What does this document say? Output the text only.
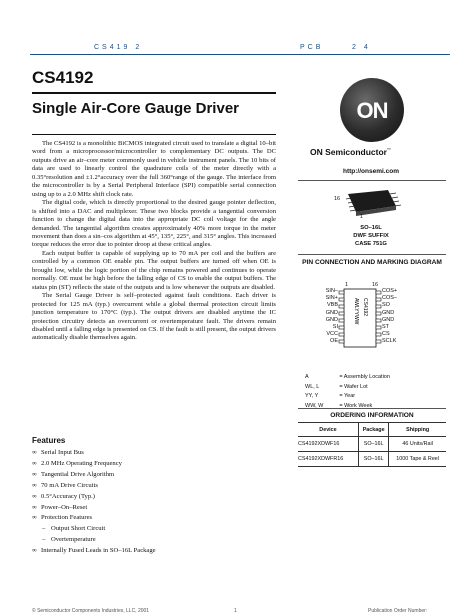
CS419 2	PCB	2 4
CS4192
Single Air-Core Gauge Driver

The CS4192 is a monolithic BiCMOS integrated circuit used to translate a digital 10–bit word from a microprocessor/microcontroller to complementary DC outputs. The DC outputs drive an air–core meter commonly used in vehicle instrument panels. The 10 bits of data are used to linearly control the quadrature coils of the meter directly with a 0.35°resolution and ±1.2°accuracy over the full 360°range of the gauge. The interface from the microcontroller is by a Serial Peripheral Interface (SPI) compatible serial connection using up to a 2.0 MHz shift clock rate.

The digital code, which is directly proportional to the desired gauge pointer deflection, is shifted into a DAC and multiplexer. These two blocks provide a tangential conversion function to change the digital data into the appropriate DC coil voltage for the angle demanded. The tangential algorithm creates approximately 40% more torque in the meter movement than does a sin–cos algorithm at 45°, 135°, 225°, and 315° angles. This increased torque reduces the error due to pointer droop at these critical angles.

Each output buffer is capable of supplying up to 70 mA per coil and the buffers are controlled by a common OE enable pin. The output buffers are turned off when OE is brought low, while the logic portion of the chip remains powered and continues to operate normally. OE must be high before the falling edge of CS to enable the output buffers. The status pin (ST) reflects the state of the outputs and is low whenever the outputs are disabled.

The Serial Gauge Driver is self–protected against fault conditions. Each driver is protected for 125 mA (typ.) overcurrent while a global thermal protection circuit limits junction temperature to 170°C (typ.). The output drivers are disabled anytime the IC protection circuitry detects an overcurrent or overtemperature fault. The drivers remain disabled until a falling edge is presented on CS. If the fault is still present, the output drivers automatically disable themselves again.

Features
∞ Serial Input Bus
∞ 2.0 MHz Operating Frequency
∞ Tangential Drive Algorithm
∞ 70 mA Drive Circuits
∞ 0.5°Accuracy (Typ.)
∞ Power–On–Reset
∞ Protection Features
– Output Short Circuit
– Overtemperature
∞ Internally Fused Leads in SO–16L Package
ON
ON Semiconductor™
http://onsemi.com
16
1
SO–16L
DWF SUFFIX
CASE 751G
PIN CONNECTION AND MARKING DIAGRAM
1	16
CS4192
AWLYYWW
SIN–
SIN+
VBB
GND
GND
SI
VCC
OE
COS+
COS–
SO
GND
GND
ST
CS
SCLK
A	= Assembly Location
WL, L	= Wafer Lot
YY, Y	= Year
WW, W	= Work Week
ORDERING INFORMATION
Device	Package	Shipping
CS4192XDWF16	SO–16L	46 Units/Rail
CS4192XDWFR16	SO–16L	1000 Tape & Reel
© Semiconductor Components Industries, LLC, 2001	1	Publication Order Number:
